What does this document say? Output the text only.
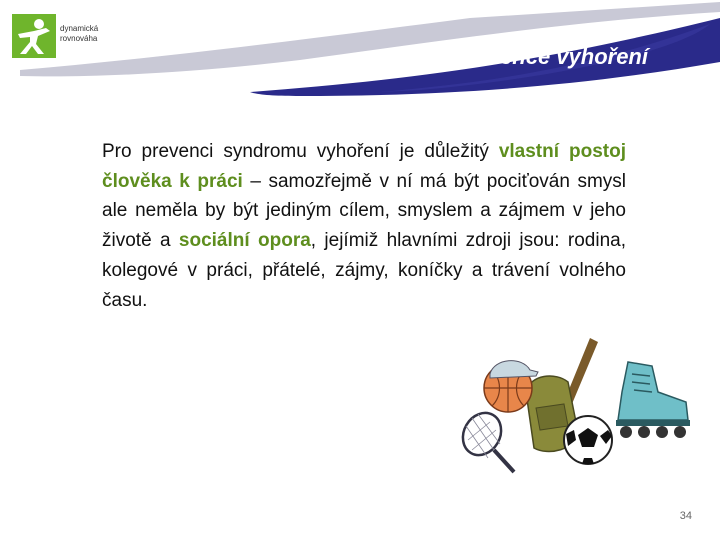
dynamická
rovnováha
Prevence vyhoření
Pro prevenci syndromu vyhoření je důležitý vlastní postoj člověka k práci – samozřejmě v ní má být pociťován smysl ale neměla by být jediným cílem, smyslem a zájmem v jeho životě a sociální opora, jejímiž hlavními zdroji jsou: rodina, kolegové v práci, přátelé, zájmy, koníčky a trávení volného času.
34
